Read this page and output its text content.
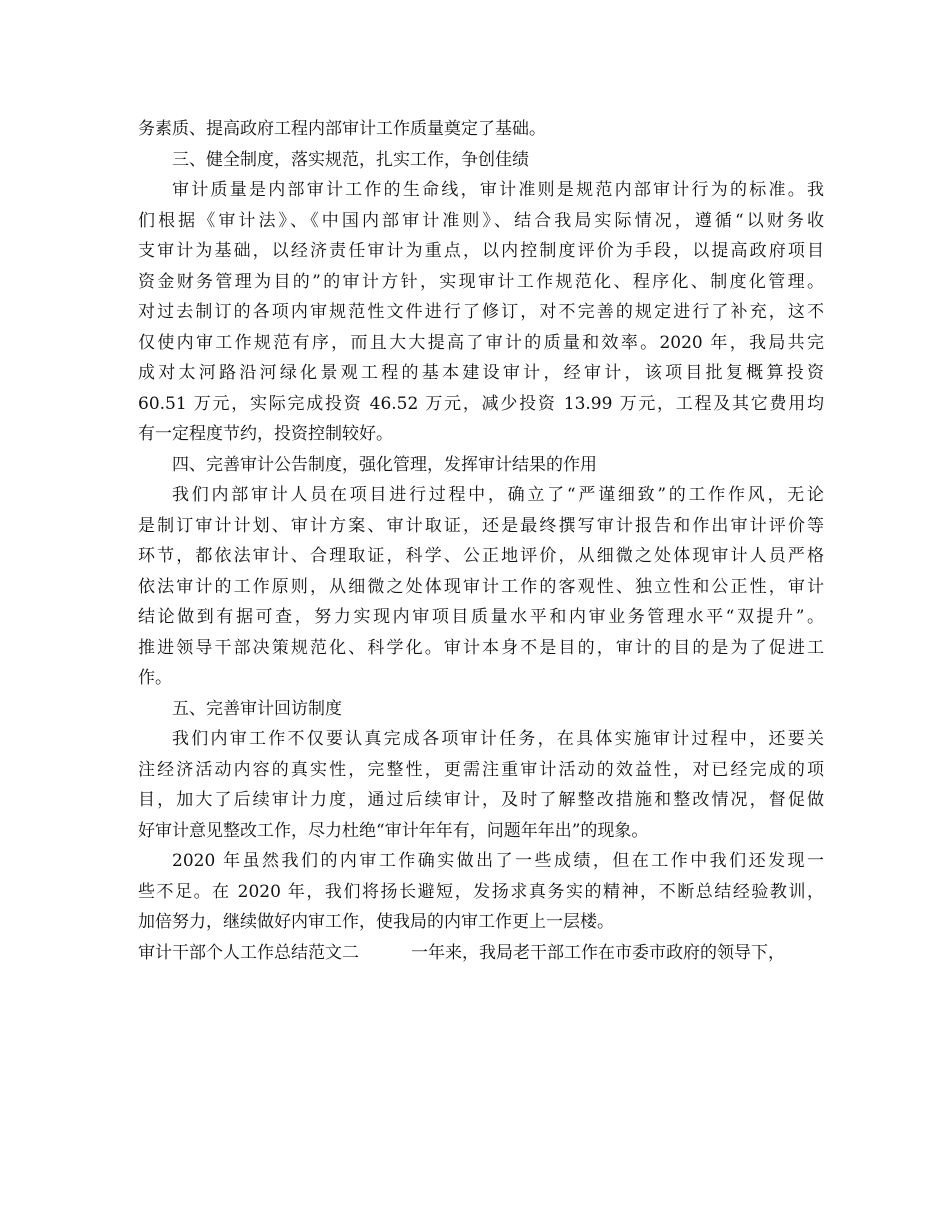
务素质、提高政府工程内部审计工作质量奠定了基础。
三、健全制度，落实规范，扎实工作，争创佳绩
审计质量是内部审计工作的生命线，审计准则是规范内部审计行为的标准。我
们根据《审计法》、《中国内部审计准则》、结合我局实际情况，遵循“以财务收
支审计为基础，以经济责任审计为重点，以内控制度评价为手段，以提高政府项目
资金财务管理为目的”的审计方针，实现审计工作规范化、程序化、制度化管理。
对过去制订的各项内审规范性文件进行了修订，对不完善的规定进行了补充，这不
仅使内审工作规范有序，而且大大提高了审计的质量和效率。2020 年，我局共完
成对太河路沿河绿化景观工程的基本建设审计，经审计，该项目批复概算投资
60.51 万元，实际完成投资 46.52 万元，减少投资 13.99 万元，工程及其它费用均
有一定程度节约，投资控制较好。
四、完善审计公告制度，强化管理，发挥审计结果的作用
我们内部审计人员在项目进行过程中，确立了“严谨细致”的工作作风，无论
是制订审计计划、审计方案、审计取证，还是最终撰写审计报告和作出审计评价等
环节，都依法审计、合理取证，科学、公正地评价，从细微之处体现审计人员严格
依法审计的工作原则，从细微之处体现审计工作的客观性、独立性和公正性，审计
结论做到有据可查，努力实现内审项目质量水平和内审业务管理水平“双提升”。
推进领导干部决策规范化、科学化。审计本身不是目的，审计的目的是为了促进工
作。
五、完善审计回访制度
我们内审工作不仅要认真完成各项审计任务，在具体实施审计过程中，还要关
注经济活动内容的真实性，完整性，更需注重审计活动的效益性，对已经完成的项
目，加大了后续审计力度，通过后续审计，及时了解整改措施和整改情况，督促做
好审计意见整改工作，尽力杜绝“审计年年有，问题年年出”的现象。
2020 年虽然我们的内审工作确实做出了一些成绩，但在工作中我们还发现一
些不足。在 2020 年，我们将扬长避短，发扬求真务实的精神，不断总结经验教训，
加倍努力，继续做好内审工作，使我局的内审工作更上一层楼。
审计干部个人工作总结范文二	一年来，我局老干部工作在市委市政府的领导下，
